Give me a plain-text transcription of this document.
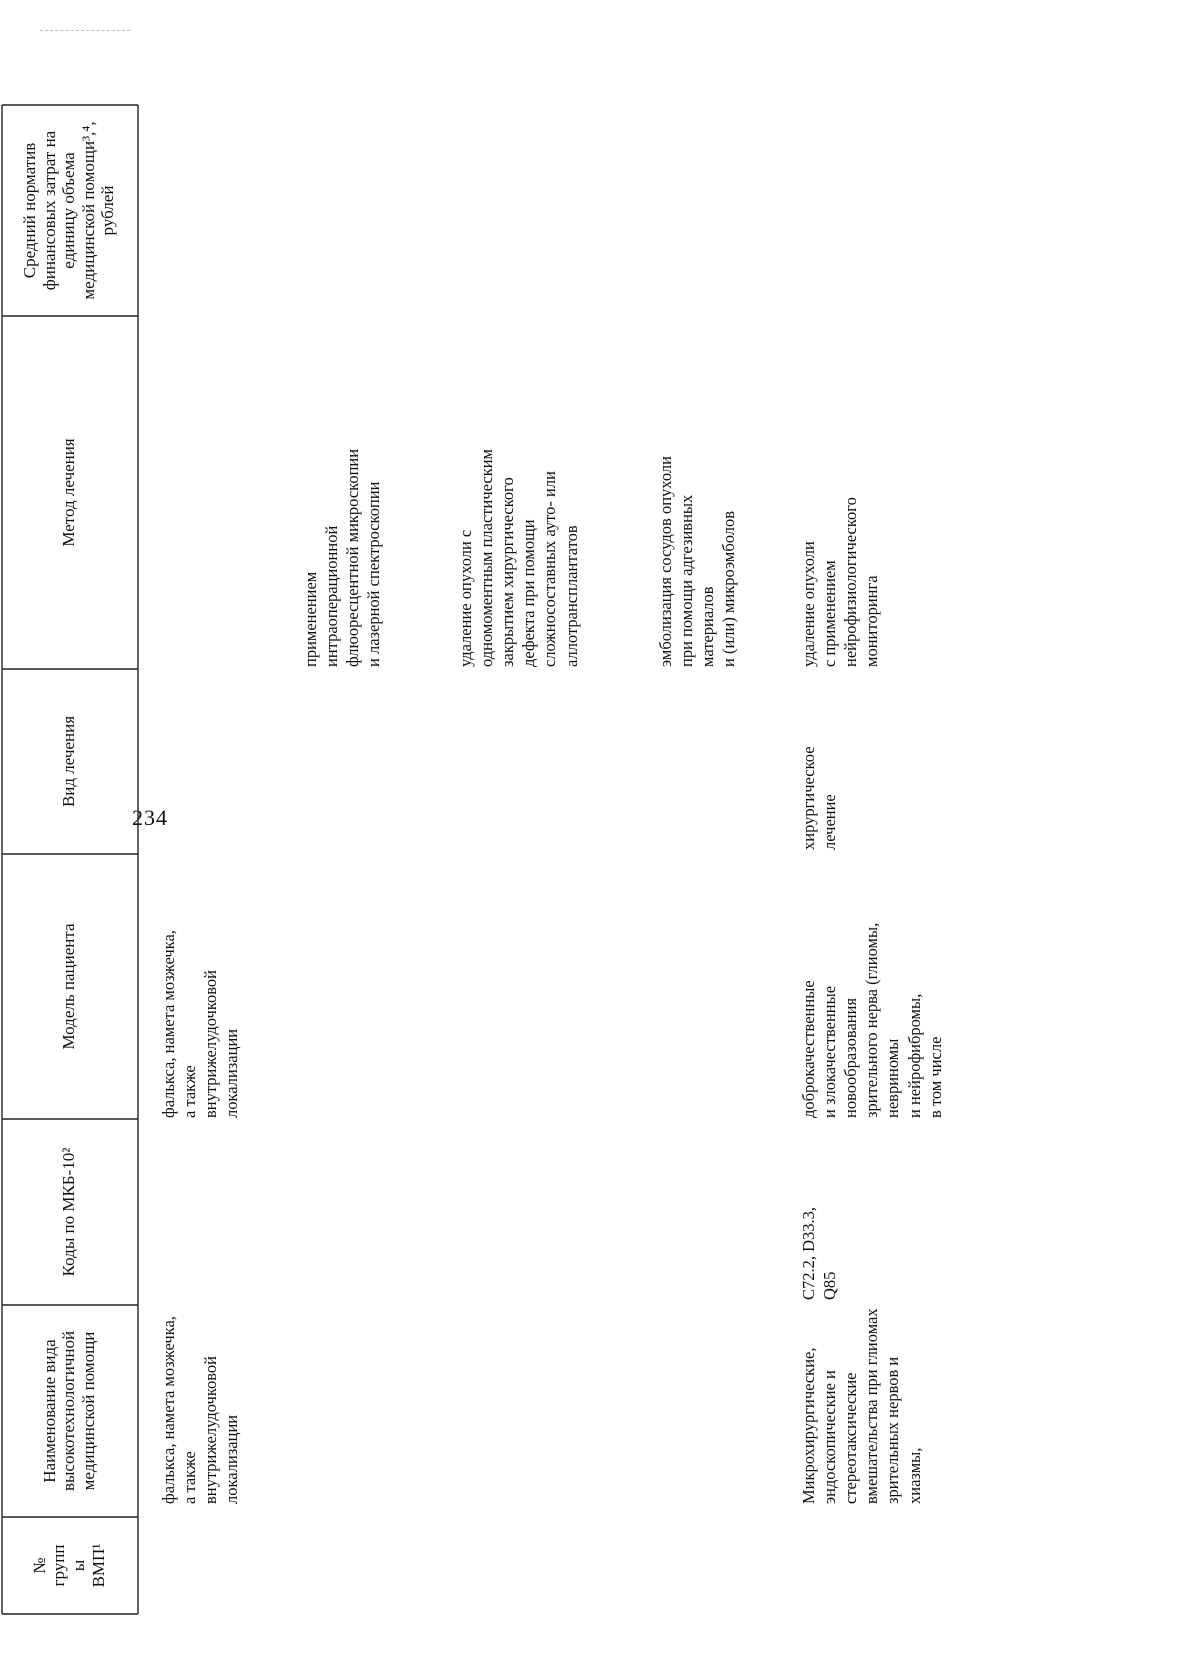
234
№
групп
ы
ВМП¹
Наименование вида высокотехнологичной медицинской помощи
Коды по МКБ-10²
Модель пациента
Вид лечения
Метод лечения
Средний норматив финансовых затрат на единицу объема медицинской помощи³,⁴, рублей
фалькса, намета мозжечка,
а также
внутрижелудочковой
локализации
фалькса, намета мозжечка,
а также
внутрижелудочковой
локализации
применением
интраоперационной
флюоресцентной микроскопии
и лазерной спектроскопии
удаление опухоли с
одномоментным пластическим
закрытием хирургического
дефекта при помощи
сложносоставных ауто- или
аллотрансплантатов	эмболизация сосудов опухоли
при помощи адгезивных
материалов
и (или) микроэмболов
Микрохирургические,
эндоскопические и
стереотаксические
вмешательства при глиомах
зрительных нервов и
хиазмы,
C72.2, D33.3,
Q85
доброкачественные
и злокачественные
новообразования
зрительного нерва (глиомы,
невриномы
и нейрофибромы,
в том числе
хирургическое
лечение
удаление опухоли
с применением
нейрофизиологического
мониторинга
